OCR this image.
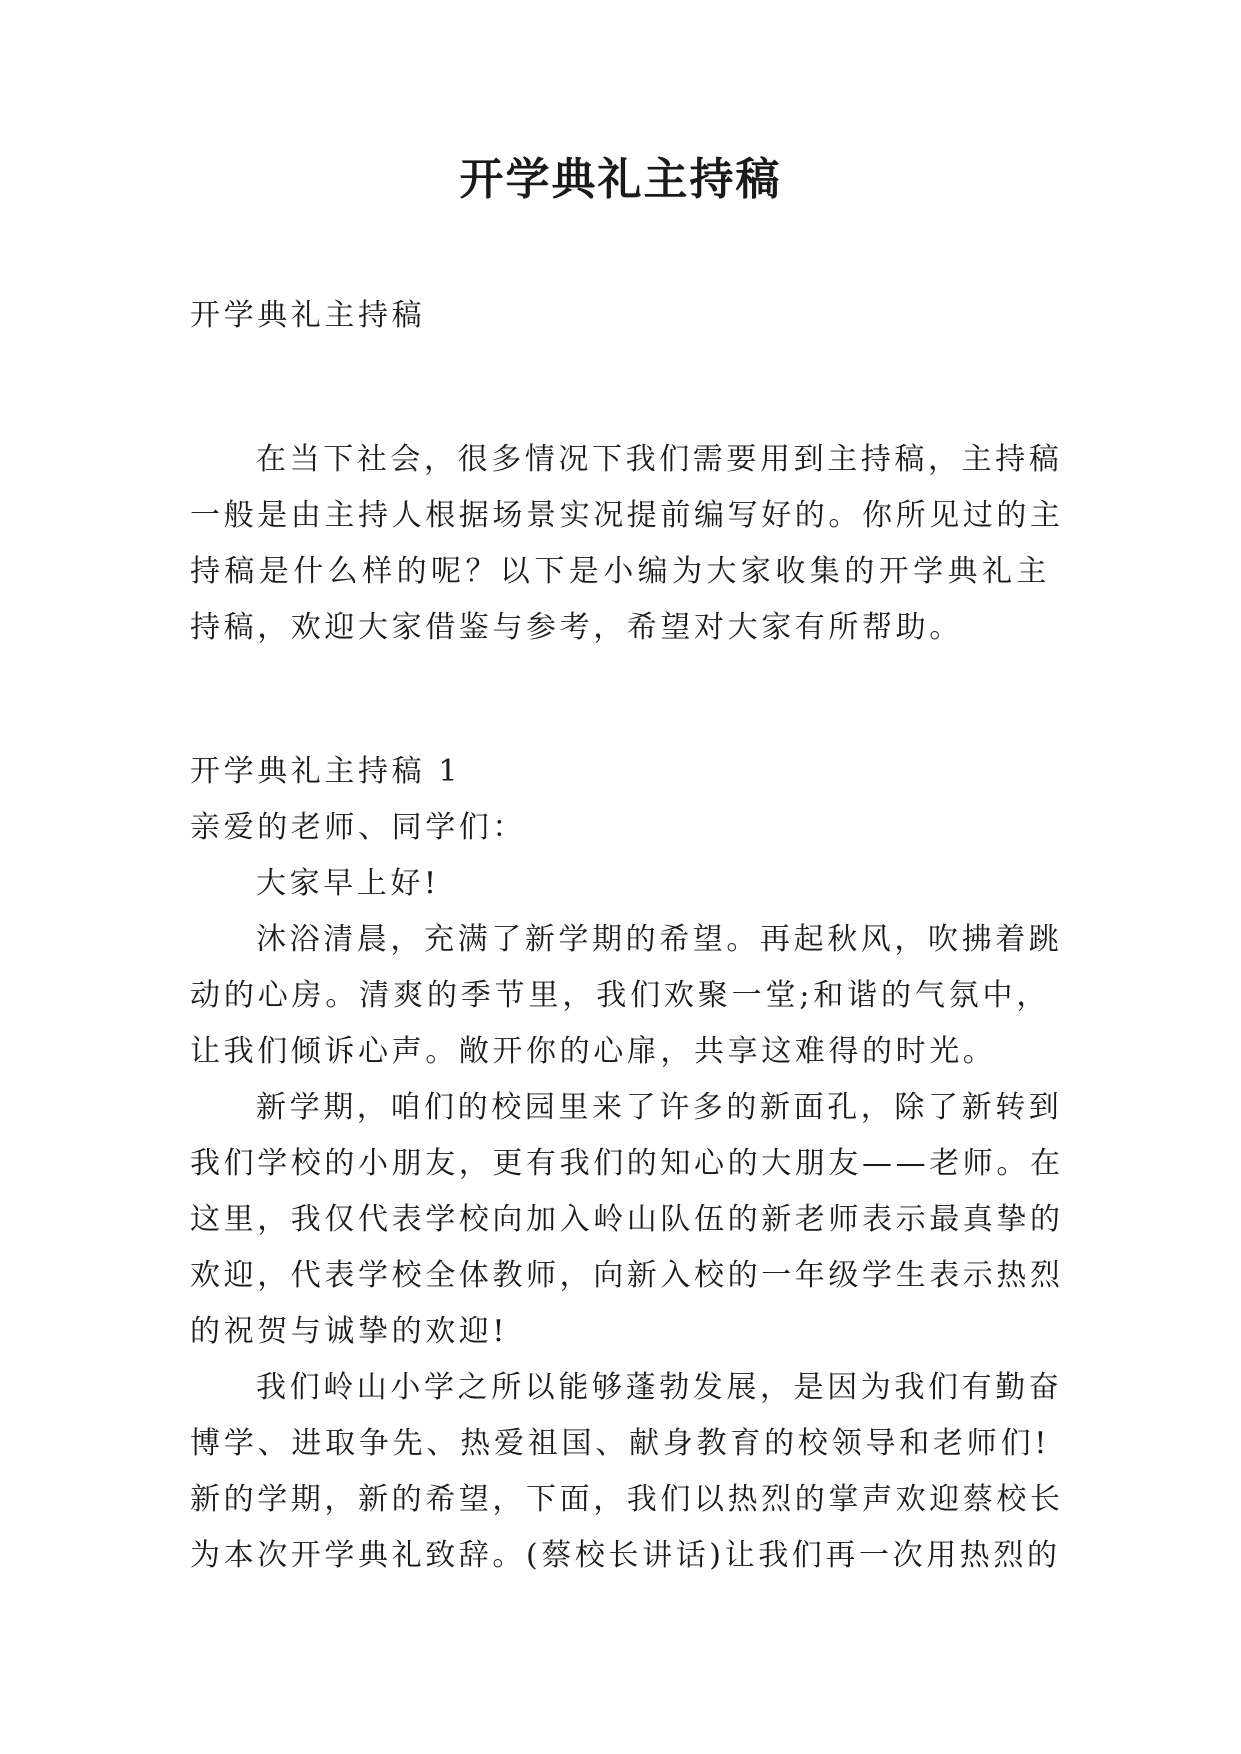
开学典礼主持稿
开学典礼主持稿
在当下社会，很多情况下我们需要用到主持稿，主持稿
一般是由主持人根据场景实况提前编写好的。你所见过的主
持稿是什么样的呢？以下是小编为大家收集的开学典礼主
持稿，欢迎大家借鉴与参考，希望对大家有所帮助。
开学典礼主持稿 1
亲爱的老师、同学们：
大家早上好!
沐浴清晨，充满了新学期的希望。再起秋风，吹拂着跳
动的心房。清爽的季节里，我们欢聚一堂;和谐的气氛中，
让我们倾诉心声。敞开你的心扉，共享这难得的时光。
新学期，咱们的校园里来了许多的新面孔，除了新转到
我们学校的小朋友，更有我们的知心的大朋友——老师。在
这里，我仅代表学校向加入岭山队伍的新老师表示最真挚的
欢迎，代表学校全体教师，向新入校的一年级学生表示热烈
的祝贺与诚挚的欢迎!
我们岭山小学之所以能够蓬勃发展，是因为我们有勤奋
博学、进取争先、热爱祖国、献身教育的校领导和老师们!
新的学期，新的希望，下面，我们以热烈的掌声欢迎蔡校长
为本次开学典礼致辞。(蔡校长讲话)让我们再一次用热烈的
